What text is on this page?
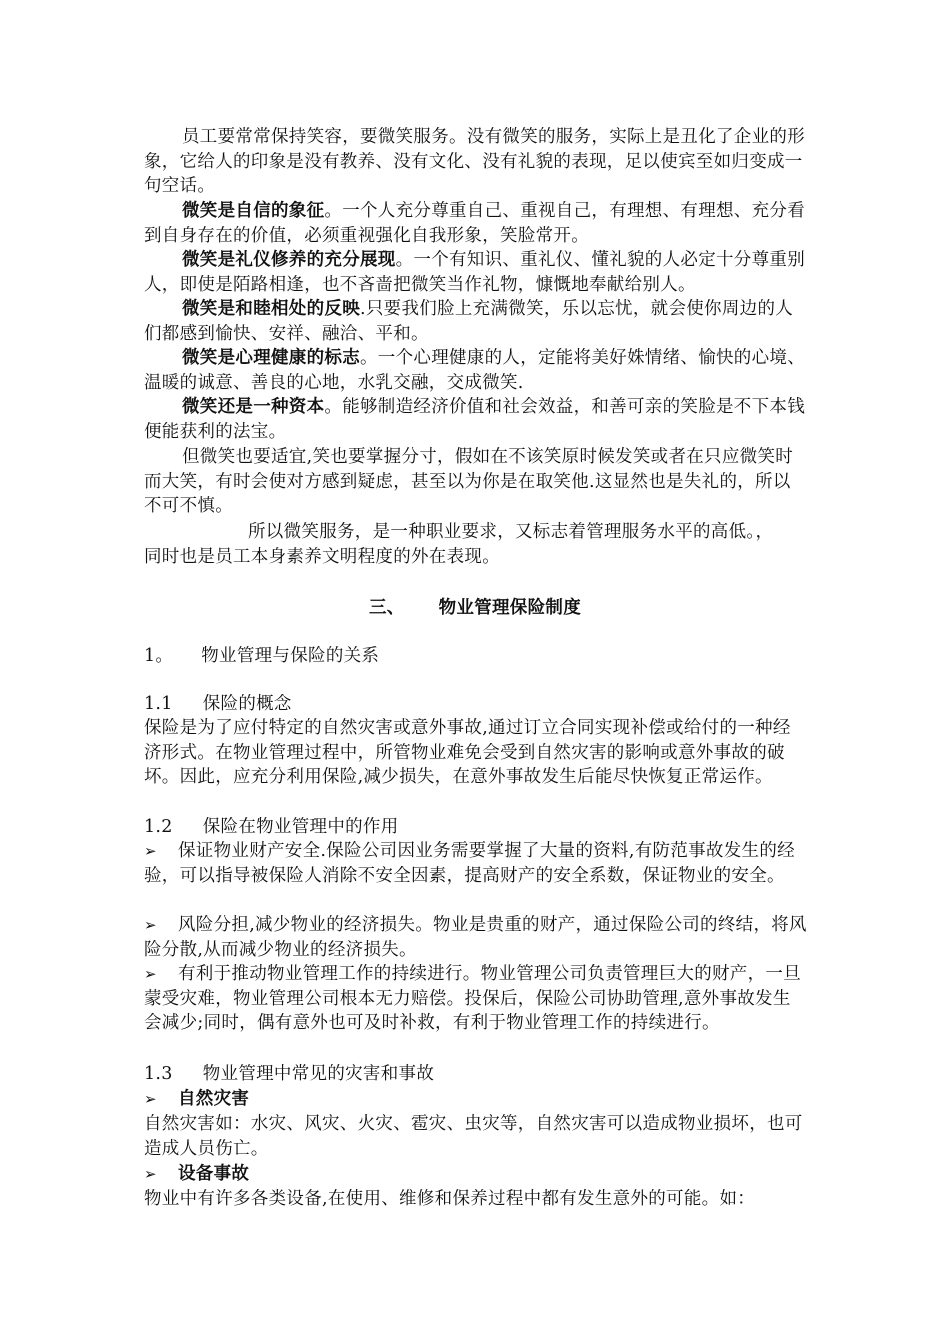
员工要常常保持笑容，要微笑服务。没有微笑的服务，实际上是丑化了企业的形象，它给人的印象是没有教养、没有文化、没有礼貌的表现，足以使宾至如归变成一句空话。

微笑是自信的象征。一个人充分尊重自己、重视自己，有理想、有理想、充分看到自身存在的价值，必须重视强化自我形象，笑脸常开。

微笑是礼仪修养的充分展现。一个有知识、重礼仪、懂礼貌的人必定十分尊重别人，即使是陌路相逢，也不吝啬把微笑当作礼物，慷慨地奉献给别人。

微笑是和睦相处的反映.只要我们脸上充满微笑，乐以忘忧，就会使你周边的人们都感到愉快、安祥、融洽、平和。

微笑是心理健康的标志。一个心理健康的人，定能将美好姝情绪、愉快的心境、温暖的诚意、善良的心地，水乳交融，交成微笑.

微笑还是一种资本。能够制造经济价值和社会效益，和善可亲的笑脸是不下本钱便能获利的法宝。

但微笑也要适宜,笑也要掌握分寸，假如在不该笑原时候发笑或者在只应微笑时而大笑，有时会使对方感到疑虑，甚至以为你是在取笑他.这显然也是失礼的，所以不可不慎。

所以微笑服务，是一种职业要求，又标志着管理服务水平的高低。，

同时也是员工本身素养文明程度的外在表现。

三、 物业管理保险制度

1。 物业管理与保险的关系

1.1 保险的概念

保险是为了应付特定的自然灾害或意外事故,通过订立合同实现补偿或给付的一种经济形式。在物业管理过程中，所管物业难免会受到自然灾害的影响或意外事故的破坏。因此，应充分利用保险,减少损失，在意外事故发生后能尽快恢复正常运作。

1.2 保险在物业管理中的作用

➢ 保证物业财产安全.保险公司因业务需要掌握了大量的资料,有防范事故发生的经验，可以指导被保险人消除不安全因素，提高财产的安全系数，保证物业的安全。

➢ 风险分担,减少物业的经济损失。物业是贵重的财产，通过保险公司的终结，将风险分散,从而减少物业的经济损失。

➢ 有利于推动物业管理工作的持续进行。物业管理公司负责管理巨大的财产，一旦蒙受灾难，物业管理公司根本无力赔偿。投保后，保险公司协助管理,意外事故发生会减少;同时，偶有意外也可及时补救，有利于物业管理工作的持续进行。

1.3 物业管理中常见的灾害和事故

➢ 自然灾害

自然灾害如：水灾、风灾、火灾、雹灾、虫灾等，自然灾害可以造成物业损坏，也可造成人员伤亡。

➢ 设备事故

物业中有许多各类设备,在使用、维修和保养过程中都有发生意外的可能。如：
